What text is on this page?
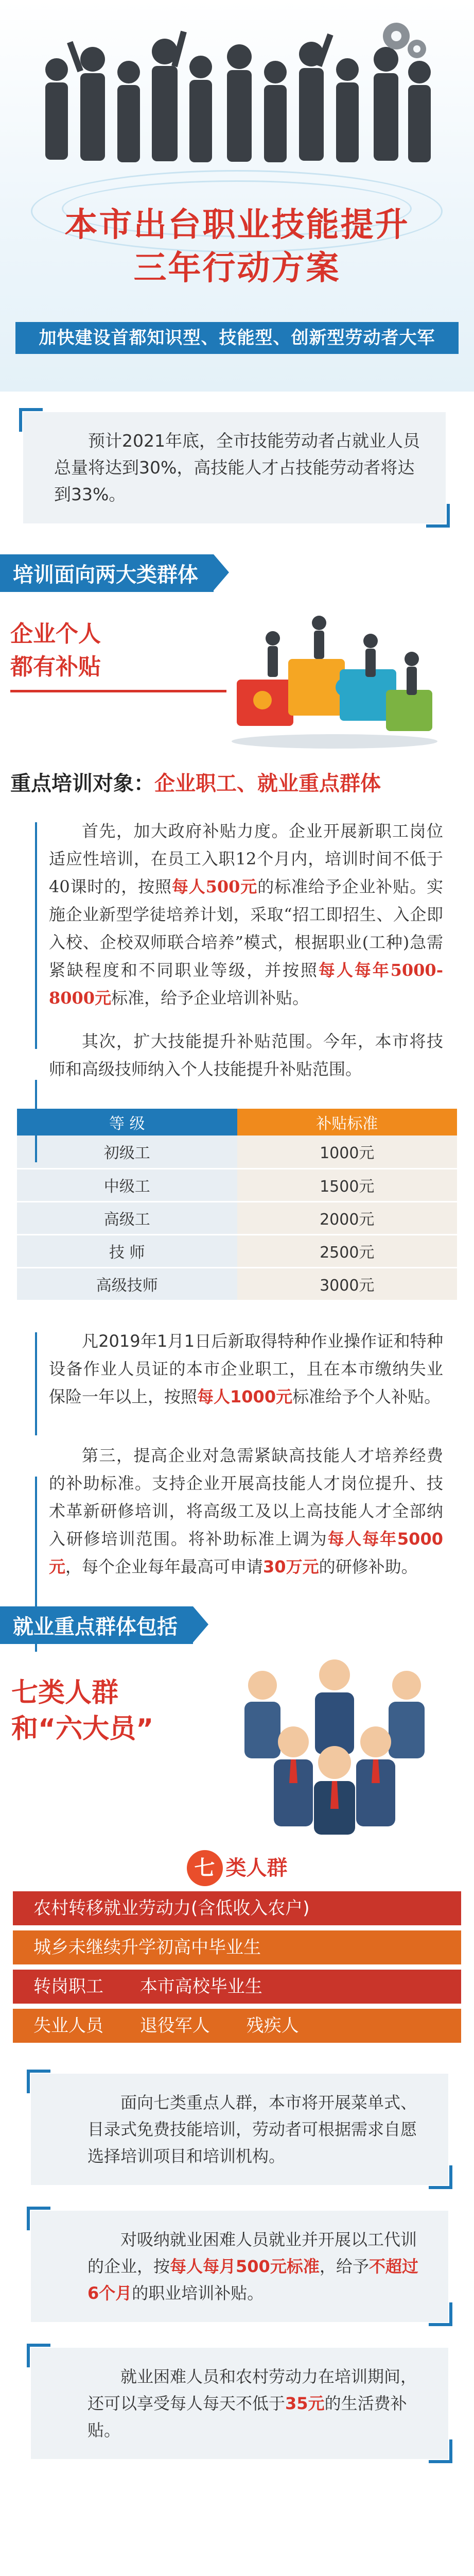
本市出台职业技能提升
三年行动方案
加快建设首都知识型、技能型、创新型劳动者大军
预计2021年底，全市技能劳动者占就业人员总量将达到30%，高技能人才占技能劳动者将达到33%。
培训面向两大类群体
企业个人
都有补贴
重点培训对象：企业职工、就业重点群体

首先，加大政府补贴力度。企业开展新职工岗位适应性培训，在员工入职12个月内，培训时间不低于40课时的，按照每人500元的标准给予企业补贴。实施企业新型学徒培养计划，采取“招工即招生、入企即入校、企校双师联合培养”模式，根据职业(工种)急需紧缺程度和不同职业等级，并按照每人每年5000-8000元标准，给予企业培训补贴。

其次，扩大技能提升补贴范围。今年，本市将技师和高级技师纳入个人技能提升补贴范围。

等 级	补贴标准
初级工	1000元
中级工	1500元
高级工	2000元
技 师	2500元
高级技师	3000元

凡2019年1月1日后新取得特种作业操作证和特种设备作业人员证的本市企业职工，且在本市缴纳失业保险一年以上，按照每人1000元标准给予个人补贴。

第三，提高企业对急需紧缺高技能人才培养经费的补助标准。支持企业开展高技能人才岗位提升、技术革新研修培训，将高级工及以上高技能人才全部纳入研修培训范围。将补助标准上调为每人每年5000元，每个企业每年最高可申请30万元的研修补助。

就业重点群体包括
七类人群
和“六大员”
七 类人群
农村转移就业劳动力(含低收入农户)
城乡未继续升学初高中毕业生
转岗职工 本市高校毕业生
失业人员 退役军人 残疾人
面向七类重点人群，本市将开展菜单式、目录式免费技能培训，劳动者可根据需求自愿选择培训项目和培训机构。
对吸纳就业困难人员就业并开展以工代训的企业，按每人每月500元标准，给予不超过6个月的职业培训补贴。
就业困难人员和农村劳动力在培训期间，还可以享受每人每天不低于35元的生活费补贴。
